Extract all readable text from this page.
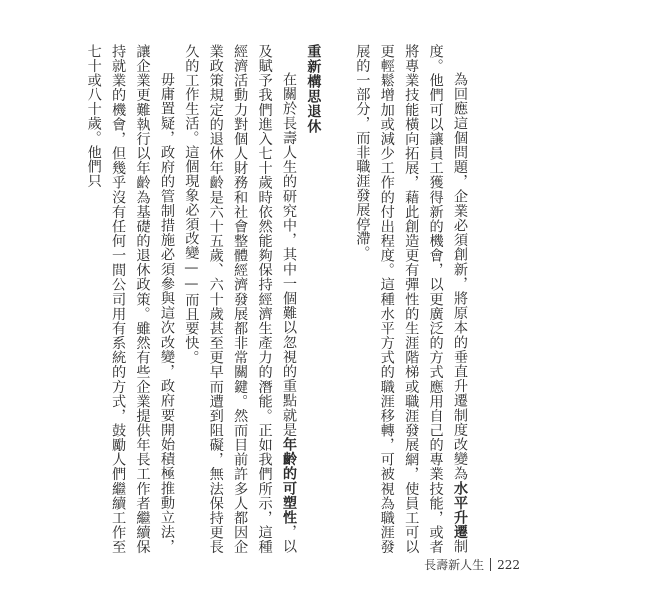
為回應這個問題，企業必須創新，將原本的垂直升遷制度改變為水平升遷制度。他們可以讓員工獲得新的機會，以更廣泛的方式應用自己的專業技能，或者將專業技能橫向拓展，藉此創造更有彈性的生涯階梯或職涯發展網，使員工可以更輕鬆增加或減少工作的付出程度。這種水平方式的職涯移轉，可被視為職涯發展的一部分，而非職涯發展停滯。

重新構思退休

在關於長壽人生的研究中，其中一個難以忽視的重點就是年齡的可塑性，以及賦予我們進入七十歲時依然能夠保持經濟生產力的潛能。正如我們所示，這種經濟活動力對個人財務和社會整體經濟發展都非常關鍵。然而目前許多人都因企業政策規定的退休年齡是六十五歲、六十歲甚至更早而遭到阻礙，無法保持更長久的工作生活。這個現象必須改變——而且要快。

毋庸置疑，政府的管制措施必須參與這次改變，政府要開始積極推動立法，讓企業更難執行以年齡為基礎的退休政策。雖然有些企業提供年長工作者繼續保持就業的機會，但幾乎沒有任何一間公司用有系統的方式，鼓勵人們繼續工作至七十或八十歲。他們只

長壽新人生 222
